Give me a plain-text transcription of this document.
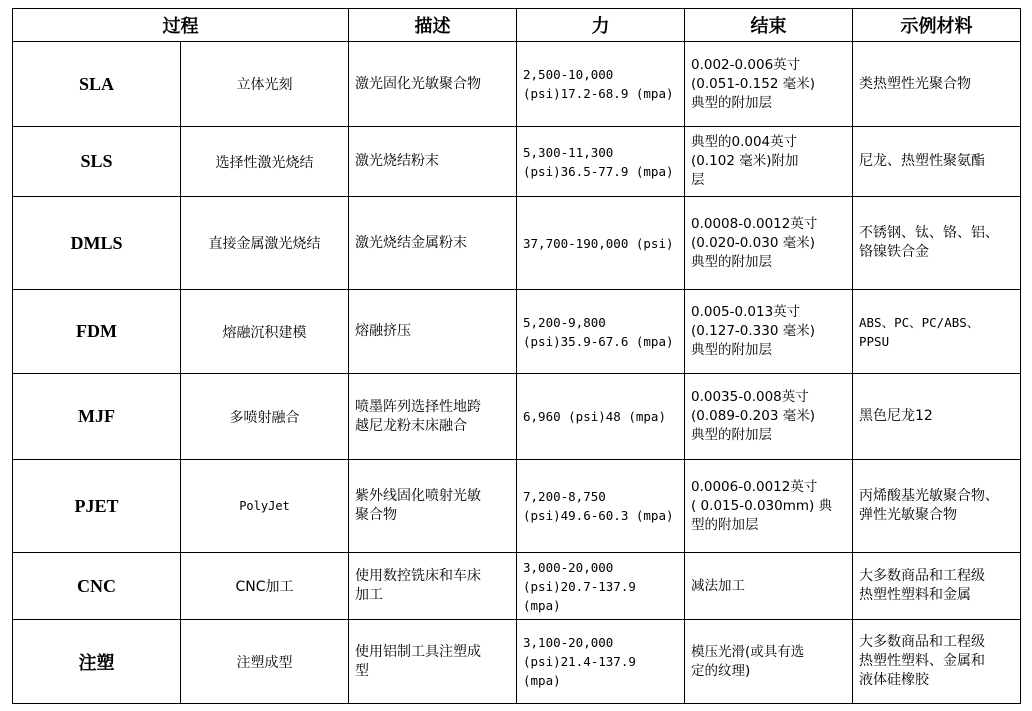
过程		描述	力	结束	示例材料
SLA	立体光刻	激光固化光敏聚合物	2,500-10,000
(psi)17.2-68.9 (mpa)	0.002-0.006英寸
(0.051-0.152 毫米)
典型的附加层	类热塑性光聚合物

SLS	选择性激光烧结	激光烧结粉末	5,300-11,300
(psi)36.5-77.9 (mpa)	典型的0.004英寸
(0.102 毫米)附加
层	尼龙、热塑性聚氨酯

DMLS	直接金属激光烧结	激光烧结金属粉末	37,700-190,000 (psi)	0.0008-0.0012英寸
(0.020-0.030 毫米)
典型的附加层	不锈钢、钛、铬、铝、
铬镍铁合金

FDM	熔融沉积建模	熔融挤压	5,200-9,800
(psi)35.9-67.6 (mpa)	0.005-0.013英寸
(0.127-0.330 毫米)
典型的附加层	ABS、PC、PC/ABS、
PPSU

MJF	多喷射融合	喷墨阵列选择性地跨
越尼龙粉末床融合	6,960 (psi)48 (mpa)	0.0035-0.008英寸
(0.089-0.203 毫米)
典型的附加层	黑色尼龙12

PJET	PolyJet	紫外线固化喷射光敏
聚合物	7,200-8,750
(psi)49.6-60.3 (mpa)	0.0006-0.0012英寸
( 0.015-0.030mm) 典
型的附加层	丙烯酸基光敏聚合物、
弹性光敏聚合物

CNC	CNC加工	使用数控铣床和车床
加工	3,000-20,000
(psi)20.7-137.9
(mpa)	减法加工	大多数商品和工程级
热塑性塑料和金属

注塑	注塑成型	使用铝制工具注塑成
型	3,100-20,000
(psi)21.4-137.9
(mpa)	模压光滑(或具有选
定的纹理)	大多数商品和工程级
热塑性塑料、金属和
液体硅橡胶
